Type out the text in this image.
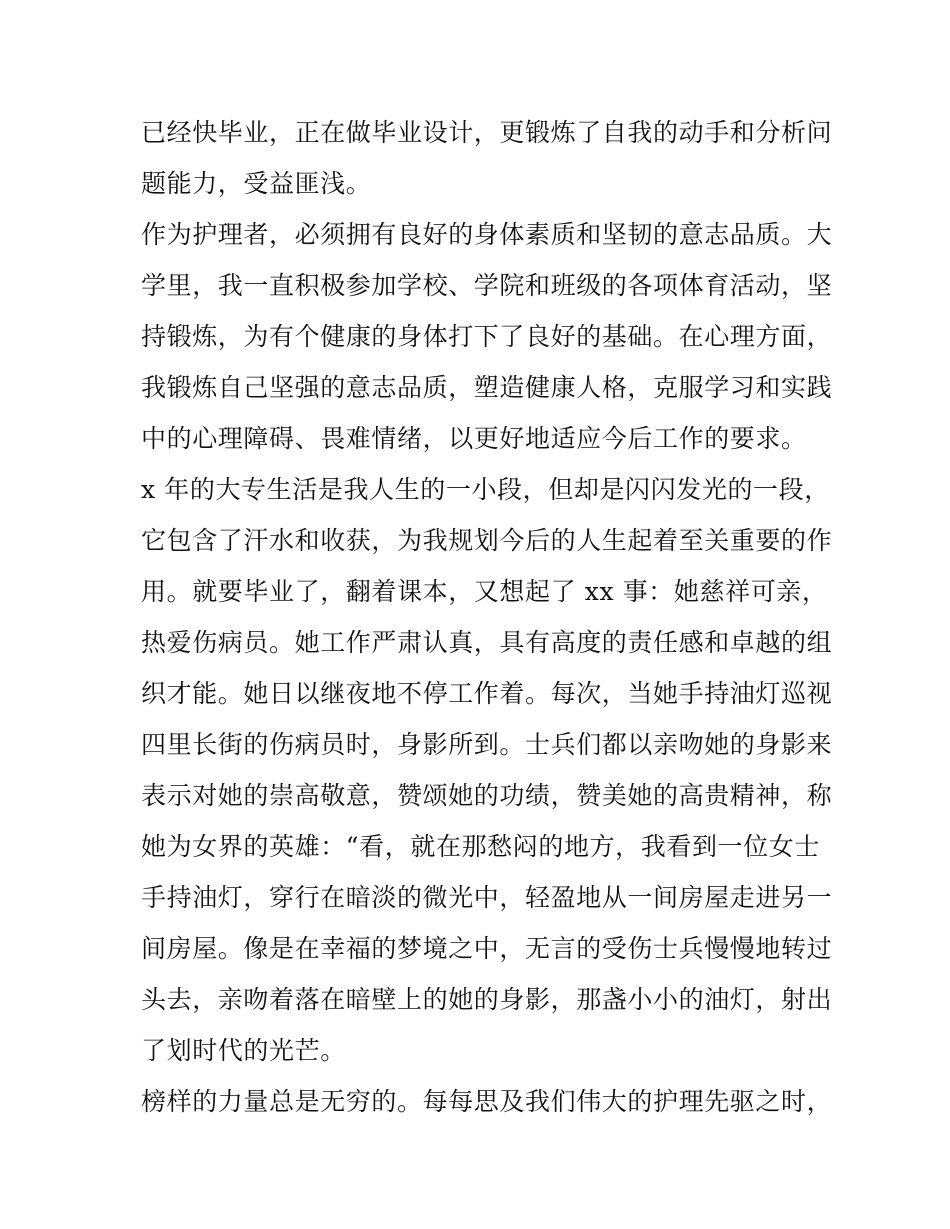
已经快毕业，正在做毕业设计，更锻炼了自我的动手和分析问
题能力，受益匪浅。
作为护理者，必须拥有良好的身体素质和坚韧的意志品质。大
学里，我一直积极参加学校、学院和班级的各项体育活动，坚
持锻炼，为有个健康的身体打下了良好的基础。在心理方面，
我锻炼自己坚强的意志品质，塑造健康人格，克服学习和实践
中的心理障碍、畏难情绪，以更好地适应今后工作的要求。
x 年的大专生活是我人生的一小段，但却是闪闪发光的一段，
它包含了汗水和收获，为我规划今后的人生起着至关重要的作
用。就要毕业了，翻着课本，又想起了 xx 事：她慈祥可亲，
热爱伤病员。她工作严肃认真，具有高度的责任感和卓越的组
织才能。她日以继夜地不停工作着。每次，当她手持油灯巡视
四里长街的伤病员时，身影所到。士兵们都以亲吻她的身影来
表示对她的崇高敬意，赞颂她的功绩，赞美她的高贵精神，称
她为女界的英雄：“看，就在那愁闷的地方，我看到一位女士
手持油灯，穿行在暗淡的微光中，轻盈地从一间房屋走进另一
间房屋。像是在幸福的梦境之中，无言的受伤士兵慢慢地转过
头去，亲吻着落在暗壁上的她的身影，那盏小小的油灯，射出
了划时代的光芒。
榜样的力量总是无穷的。每每思及我们伟大的护理先驱之时，
